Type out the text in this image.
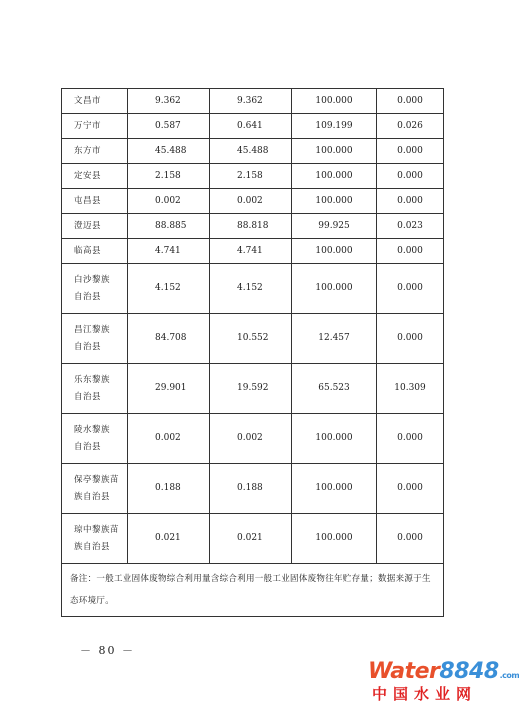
文昌市	9.362	9.362	100.000	0.000

万宁市	0.587	0.641	109.199	0.026

东方市	45.488	45.488	100.000	0.000

定安县	2.158	2.158	100.000	0.000

屯昌县	0.002	0.002	100.000	0.000

澄迈县	88.885	88.818	99.925	0.023

临高县	4.741	4.741	100.000	0.000

白沙黎族
自治县	4.152	4.152	100.000	0.000

昌江黎族
自治县	84.708	10.552	12.457	0.000

乐东黎族
自治县	29.901	19.592	65.523	10.309

陵水黎族
自治县	0.002	0.002	100.000	0.000

保亭黎族苗
族自治县	0.188	0.188	100.000	0.000

琼中黎族苗
族自治县	0.021	0.021	100.000	0.000
备注：一般工业固体废物综合利用量含综合利用一般工业固体废物往年贮存量；数据来源于生态环境厅。				
－ 80 －
Water8848.com
中国水业网
